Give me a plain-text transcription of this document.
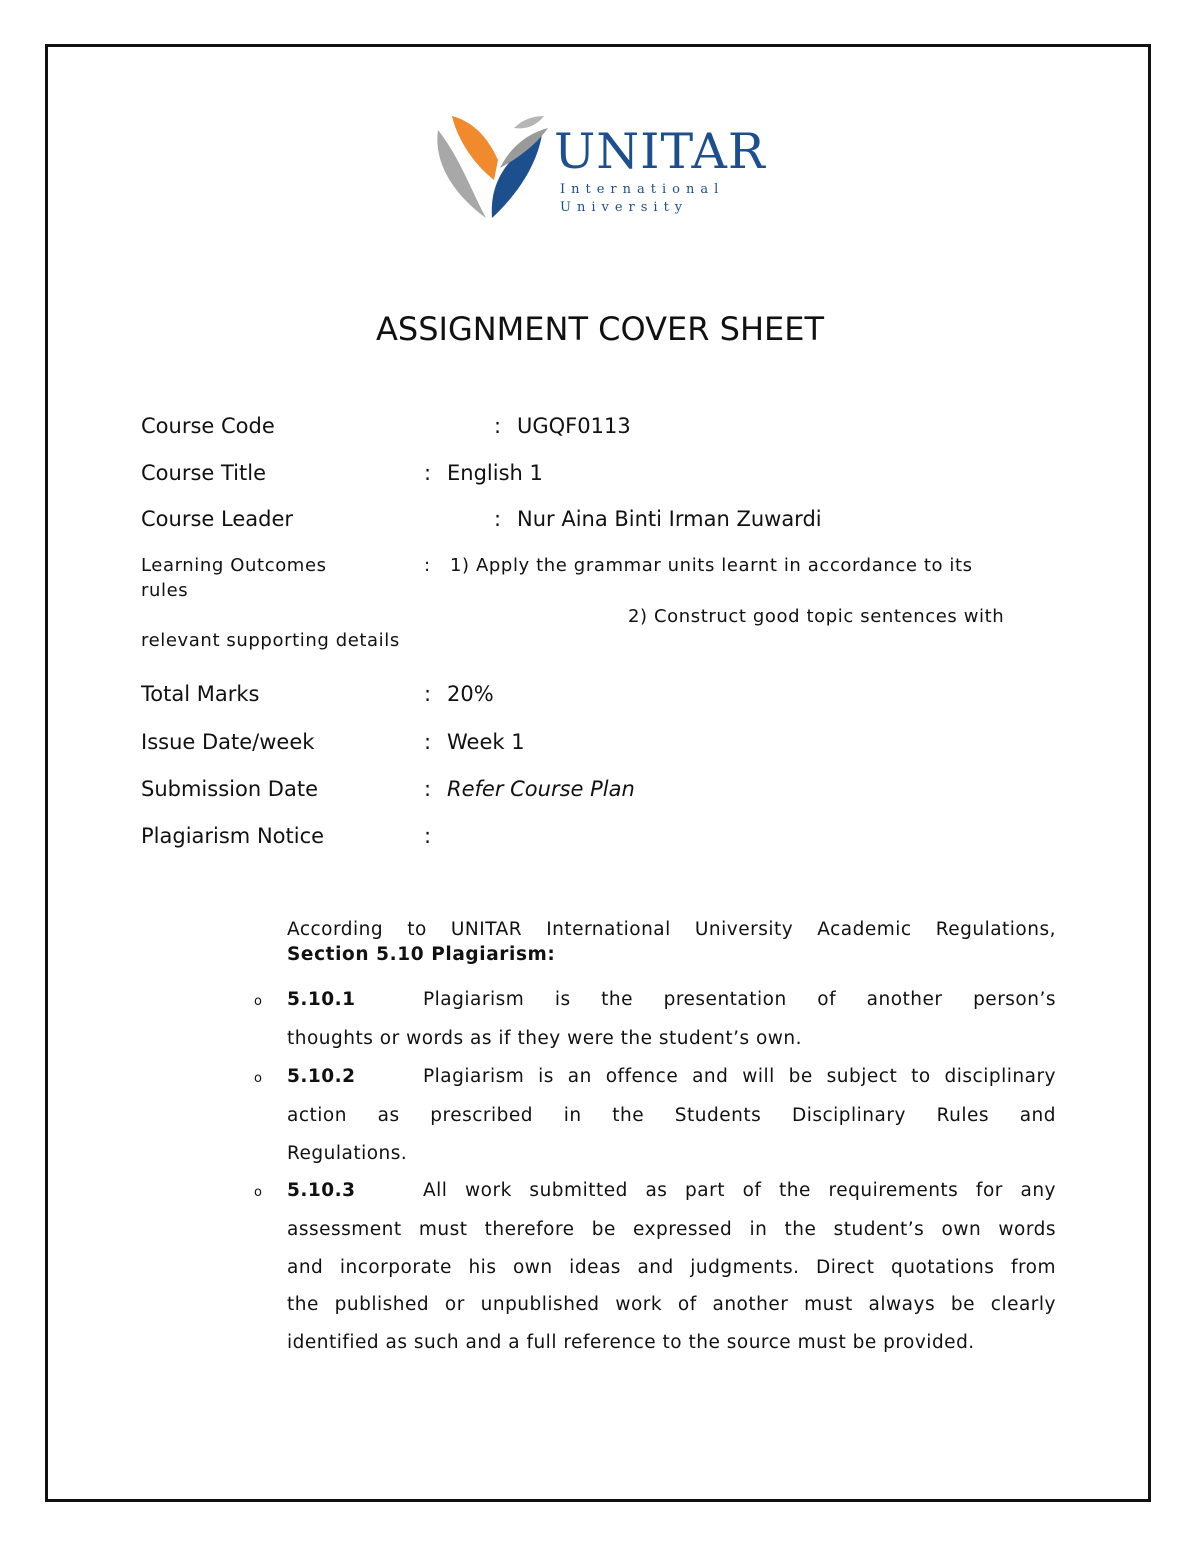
UNITAR
International
University
ASSIGNMENT COVER SHEET
Course Code	: UGQF0113
Course Title	: English 1
Course Leader	: Nur Aina Binti Irman Zuwardi
Learning Outcomes	: 1) Apply the grammar units learnt in accordance to its
rules
2) Construct good topic sentences with
relevant supporting details
Total Marks	: 20%
Issue Date/week	: Week 1
Submission Date	: Refer Course Plan
Plagiarism Notice	:
According to UNITAR International University Academic Regulations,
Section 5.10 Plagiarism:
o 5.10.1	Plagiarism is the presentation of another person’s
thoughts or words as if they were the student’s own.
o 5.10.2	Plagiarism is an offence and will be subject to disciplinary
action as prescribed in the Students Disciplinary Rules and
Regulations.
o 5.10.3	All work submitted as part of the requirements for any
assessment must therefore be expressed in the student’s own words
and incorporate his own ideas and judgments. Direct quotations from
the published or unpublished work of another must always be clearly
identified as such and a full reference to the source must be provided.
